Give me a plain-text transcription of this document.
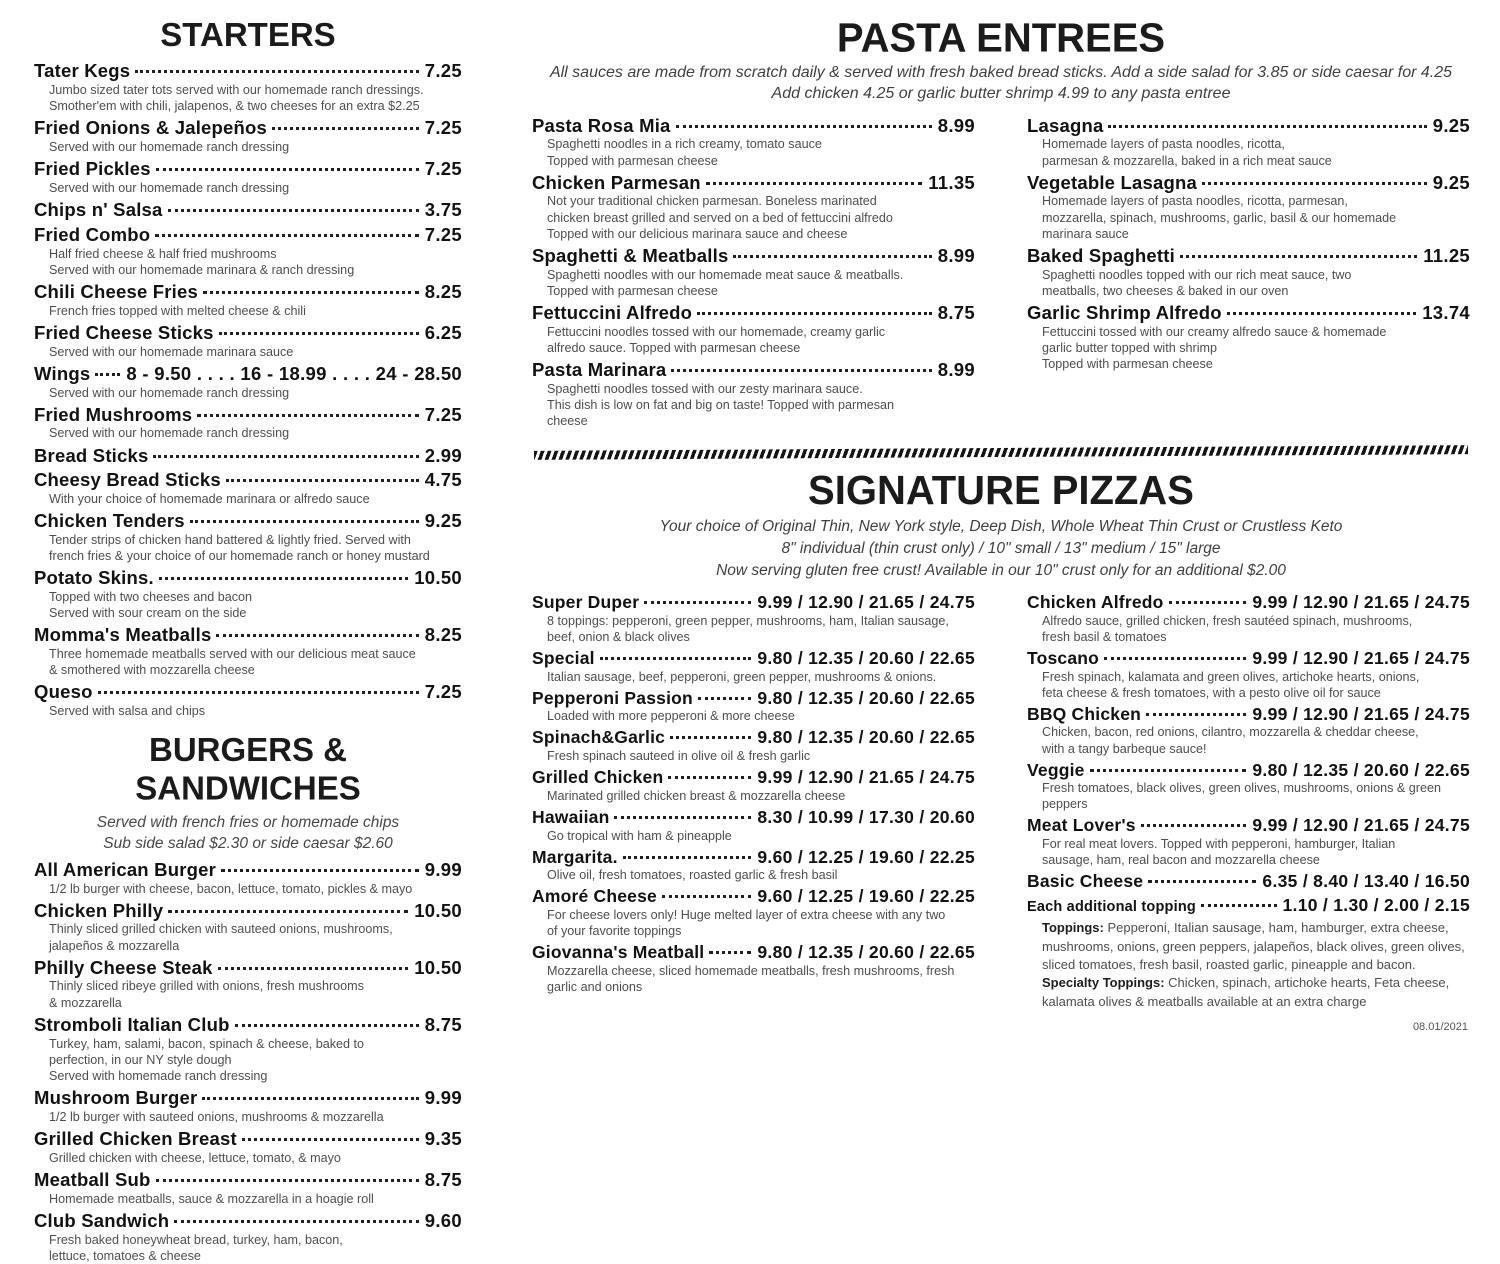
STARTERS
Tater Kegs	7.25
Jumbo sized tater tots served with our homemade ranch dressings.
Smother'em with chili, jalapenos, & two cheeses for an extra $2.25
Fried Onions & Jalepeños	7.25
Served with our homemade ranch dressing
Fried Pickles	7.25
Served with our homemade ranch dressing
Chips n' Salsa	3.75
Fried Combo	7.25
Half fried cheese & half fried mushrooms
Served with our homemade marinara & ranch dressing
Chili Cheese Fries	8.25
French fries topped with melted cheese & chili
Fried Cheese Sticks	6.25
Served with our homemade marinara sauce
Wings 8 - 9.50 . . . . 16 - 18.99 . . . . 24 - 28.50
Served with our homemade ranch dressing
Fried Mushrooms	7.25
Served with our homemade ranch dressing
Bread Sticks	2.99
Cheesy Bread Sticks	4.75
With your choice of homemade marinara or alfredo sauce
Chicken Tenders	9.25
Tender strips of chicken hand battered & lightly fried. Served with
french fries & your choice of our homemade ranch or honey mustard
Potato Skins.	10.50
Topped with two cheeses and bacon
Served with sour cream on the side
Momma's Meatballs	8.25
Three homemade meatballs served with our delicious meat sauce
& smothered with mozzarella cheese
Queso	7.25
Served with salsa and chips
BURGERS & SANDWICHES
Served with french fries or homemade chips
Sub side salad $2.30 or side caesar $2.60
All American Burger	9.99
1/2 lb burger with cheese, bacon, lettuce, tomato, pickles & mayo
Chicken Philly	10.50
Thinly sliced grilled chicken with sauteed onions, mushrooms,
jalapeños & mozzarella
Philly Cheese Steak	10.50
Thinly sliced ribeye grilled with onions, fresh mushrooms
& mozzarella
Stromboli Italian Club	8.75
Turkey, ham, salami, bacon, spinach & cheese, baked to
perfection, in our NY style dough
Served with homemade ranch dressing
Mushroom Burger	9.99
1/2 lb burger with sauteed onions, mushrooms & mozzarella
Grilled Chicken Breast	9.35
Grilled chicken with cheese, lettuce, tomato, & mayo
Meatball Sub	8.75
Homemade meatballs, sauce & mozzarella in a hoagie roll
Club Sandwich	9.60
Fresh baked honeywheat bread, turkey, ham, bacon,
lettuce, tomatoes & cheese
PASTA ENTREES
All sauces are made from scratch daily & served with fresh baked bread sticks. Add a side salad for 3.85 or side caesar for 4.25
Add chicken 4.25 or garlic butter shrimp 4.99 to any pasta entree
Pasta Rosa Mia	8.99
Spaghetti noodles in a rich creamy, tomato sauce
Topped with parmesan cheese
Chicken Parmesan	11.35
Not your traditional chicken parmesan. Boneless marinated
chicken breast grilled and served on a bed of fettuccini alfredo
Topped with our delicious marinara sauce and cheese
Spaghetti & Meatballs	8.99
Spaghetti noodles with our homemade meat sauce & meatballs.
Topped with parmesan cheese
Fettuccini Alfredo	8.75
Fettuccini noodles tossed with our homemade, creamy garlic
alfredo sauce. Topped with parmesan cheese
Pasta Marinara	8.99
Spaghetti noodles tossed with our zesty marinara sauce.
This dish is low on fat and big on taste! Topped with parmesan
cheese
Lasagna	9.25
Homemade layers of pasta noodles, ricotta,
parmesan & mozzarella, baked in a rich meat sauce
Vegetable Lasagna	9.25
Homemade layers of pasta noodles, ricotta, parmesan,
mozzarella, spinach, mushrooms, garlic, basil & our homemade
marinara sauce
Baked Spaghetti	11.25
Spaghetti noodles topped with our rich meat sauce, two
meatballs, two cheeses & baked in our oven
Garlic Shrimp Alfredo	13.74
Fettuccini tossed with our creamy alfredo sauce & homemade
garlic butter topped with shrimp
Topped with parmesan cheese
SIGNATURE PIZZAS
Your choice of Original Thin, New York style, Deep Dish, Whole Wheat Thin Crust or Crustless Keto
8" individual (thin crust only) / 10" small / 13" medium / 15" large
Now serving gluten free crust! Available in our 10" crust only for an additional $2.00
Super Duper	9.99 / 12.90 / 21.65 / 24.75
8 toppings: pepperoni, green pepper, mushrooms, ham, Italian sausage,
beef, onion & black olives
Special	9.80 / 12.35 / 20.60 / 22.65
Italian sausage, beef, pepperoni, green pepper, mushrooms & onions.
Pepperoni Passion	9.80 / 12.35 / 20.60 / 22.65
Loaded with more pepperoni & more cheese
Spinach&Garlic	9.80 / 12.35 / 20.60 / 22.65
Fresh spinach sauteed in olive oil & fresh garlic
Grilled Chicken	9.99 / 12.90 / 21.65 / 24.75
Marinated grilled chicken breast & mozzarella cheese
Hawaiian	8.30 / 10.99 / 17.30 / 20.60
Go tropical with ham & pineapple
Margarita.	9.60 / 12.25 / 19.60 / 22.25
Olive oil, fresh tomatoes, roasted garlic & fresh basil
Amoré Cheese	9.60 / 12.25 / 19.60 / 22.25
For cheese lovers only! Huge melted layer of extra cheese with any two
of your favorite toppings
Giovanna's Meatball	9.80 / 12.35 / 20.60 / 22.65
Mozzarella cheese, sliced homemade meatballs, fresh mushrooms, fresh
garlic and onions
Chicken Alfredo	9.99 / 12.90 / 21.65 / 24.75
Alfredo sauce, grilled chicken, fresh sautéed spinach, mushrooms,
fresh basil & tomatoes
Toscano	9.99 / 12.90 / 21.65 / 24.75
Fresh spinach, kalamata and green olives, artichoke hearts, onions,
feta cheese & fresh tomatoes, with a pesto olive oil for sauce
BBQ Chicken	9.99 / 12.90 / 21.65 / 24.75
Chicken, bacon, red onions, cilantro, mozzarella & cheddar cheese,
with a tangy barbeque sauce!
Veggie	9.80 / 12.35 / 20.60 / 22.65
Fresh tomatoes, black olives, green olives, mushrooms, onions & green
peppers
Meat Lover's	9.99 / 12.90 / 21.65 / 24.75
For real meat lovers. Topped with pepperoni, hamburger, Italian
sausage, ham, real bacon and mozzarella cheese
Basic Cheese	6.35 / 8.40 / 13.40 / 16.50
Each additional topping	1.10 / 1.30 / 2.00 / 2.15

Toppings: Pepperoni, Italian sausage, ham, hamburger, extra cheese, mushrooms, onions, green peppers, jalapeños, black olives, green olives, sliced tomatoes, fresh basil, roasted garlic, pineapple and bacon. Specialty Toppings: Chicken, spinach, artichoke hearts, Feta cheese, kalamata olives & meatballs available at an extra charge

08.01/2021
